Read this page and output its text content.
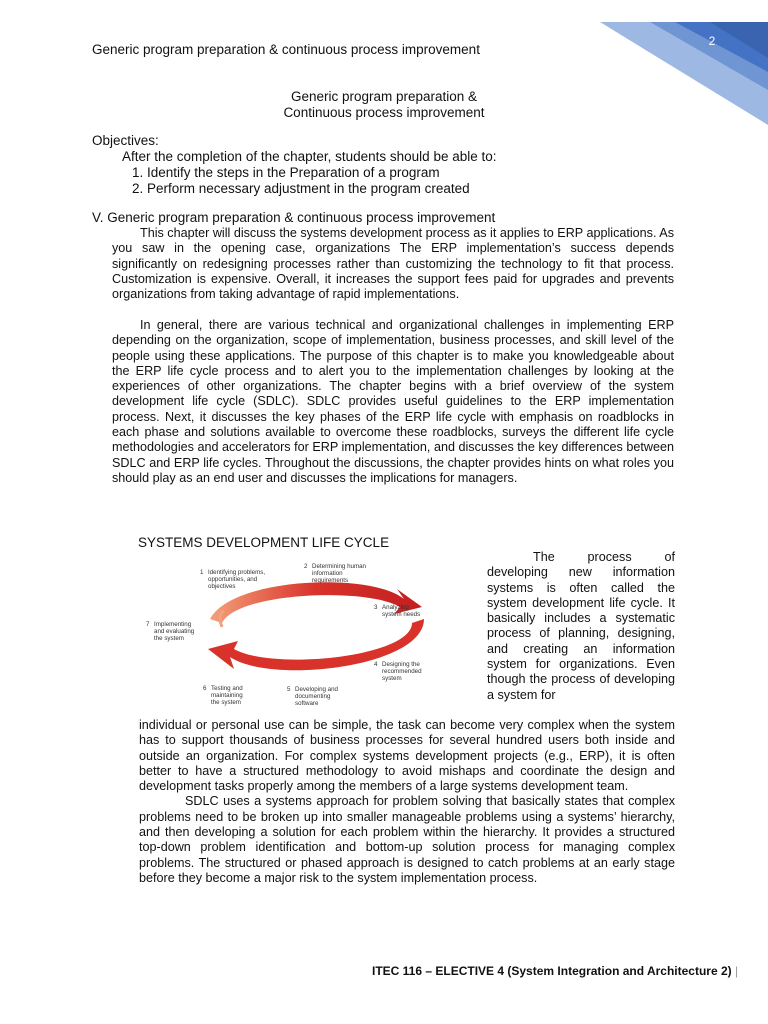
2
Generic program preparation & continuous process improvement
Generic program preparation &
Continuous process improvement
Objectives:
After the completion of the chapter, students should be able to:
1. Identify the steps in the Preparation of a program
2. Perform necessary adjustment in the program created
V. Generic program preparation & continuous process improvement
This chapter will discuss the systems development process as it applies to ERP applications. As you saw in the opening case, organizations The ERP implementation’s success depends significantly on redesigning processes rather than customizing the technology to fit that process. Customization is expensive. Overall, it increases the support fees paid for upgrades and prevents organizations from taking advantage of rapid implementations.
In general, there are various technical and organizational challenges in implementing ERP depending on the organization, scope of implementation, business processes, and skill level of the people using these applications. The purpose of this chapter is to make you knowledgeable about the ERP life cycle process and to alert you to the implementation challenges by looking at the experiences of other organizations. The chapter begins with a brief overview of the system development life cycle (SDLC). SDLC provides useful guidelines to the ERP implementation process. Next, it discusses the key phases of the ERP life cycle with emphasis on roadblocks in each phase and solutions available to overcome these roadblocks, surveys the different life cycle methodologies and accelerators for ERP implementation, and discusses the key differences between SDLC and ERP life cycles. Throughout the discussions, the chapter provides hints on what roles you should play as an end user and discusses the implications for managers.
SYSTEMS DEVELOPMENT LIFE CYCLE
1 Identifying problems,
opportunities, and
objectives
2 Determining human
information
requirements
3 Analyzing
system needs
4 Designing the
recommended
system
5 Developing and
documenting
software
6 Testing and
maintaining
the system
7 Implementing
and evaluating
the system
The process of developing new information systems is often called the system development life cycle. It basically includes a systematic process of planning, designing, and creating an information system for organizations. Even though the process of developing a system for
individual or personal use can be simple, the task can become very complex when the system has to support thousands of business processes for several hundred users both inside and outside an organization. For complex systems development projects (e.g., ERP), it is often better to have a structured methodology to avoid mishaps and coordinate the design and development tasks properly among the members of a large systems development team.
SDLC uses a systems approach for problem solving that basically states that complex problems need to be broken up into smaller manageable problems using a systems’ hierarchy, and then developing a solution for each problem within the hierarchy. It provides a structured top-down problem identification and bottom-up solution process for managing complex problems. The structured or phased approach is designed to catch problems at an early stage before they become a major risk to the system implementation process.
ITEC 116 – ELECTIVE 4 (System Integration and Architecture 2) |
